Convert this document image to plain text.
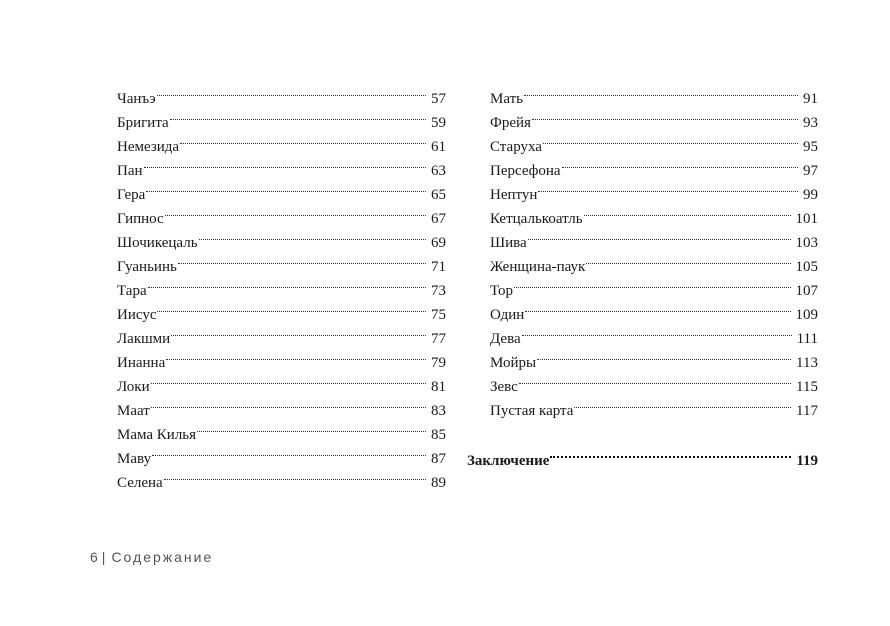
Чанъэ	57
Бригита	59
Немезида	61
Пан	63
Гера	65
Гипнос	67
Шочикецаль	69
Гуаньинь	71
Тара	73
Иисус	75
Лакшми	77
Инанна	79
Локи	81
Маат	83
Мама Килья	85
Маву	87
Селена	89
Мать	91
Фрейя	93
Старуха	95
Персефона	97
Нептун	99
Кетцалькоатль	101
Шива	103
Женщина-паук	105
Тор	107
Один	109
Дева	111
Мойры	113
Зевс	115
Пустая карта	117
Заключение	119
6 | Содержание
